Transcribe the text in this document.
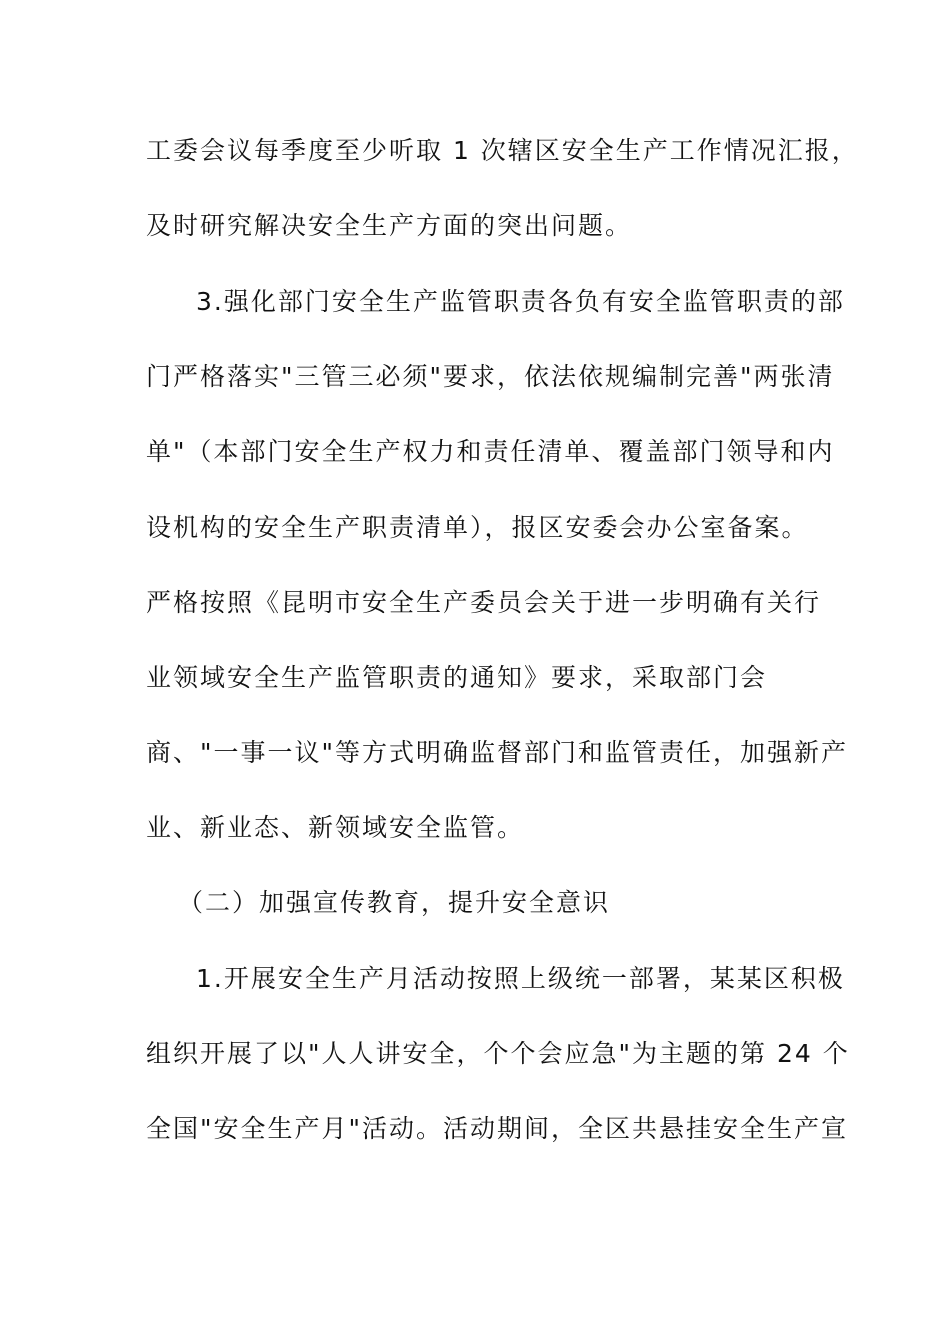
工委会议每季度至少听取 1 次辖区安全生产工作情况汇报，
及时研究解决安全生产方面的突出问题。
3.强化部门安全生产监管职责各负有安全监管职责的部
门严格落实"三管三必须"要求，依法依规编制完善"两张清
单"（本部门安全生产权力和责任清单、覆盖部门领导和内
设机构的安全生产职责清单），报区安委会办公室备案。
严格按照《昆明市安全生产委员会关于进一步明确有关行
业领域安全生产监管职责的通知》要求，采取部门会
商、"一事一议"等方式明确监督部门和监管责任，加强新产
业、新业态、新领域安全监管。
（二）加强宣传教育，提升安全意识
1.开展安全生产月活动按照上级统一部署，某某区积极
组织开展了以"人人讲安全，个个会应急"为主题的第 24 个
全国"安全生产月"活动。活动期间，全区共悬挂安全生产宣
